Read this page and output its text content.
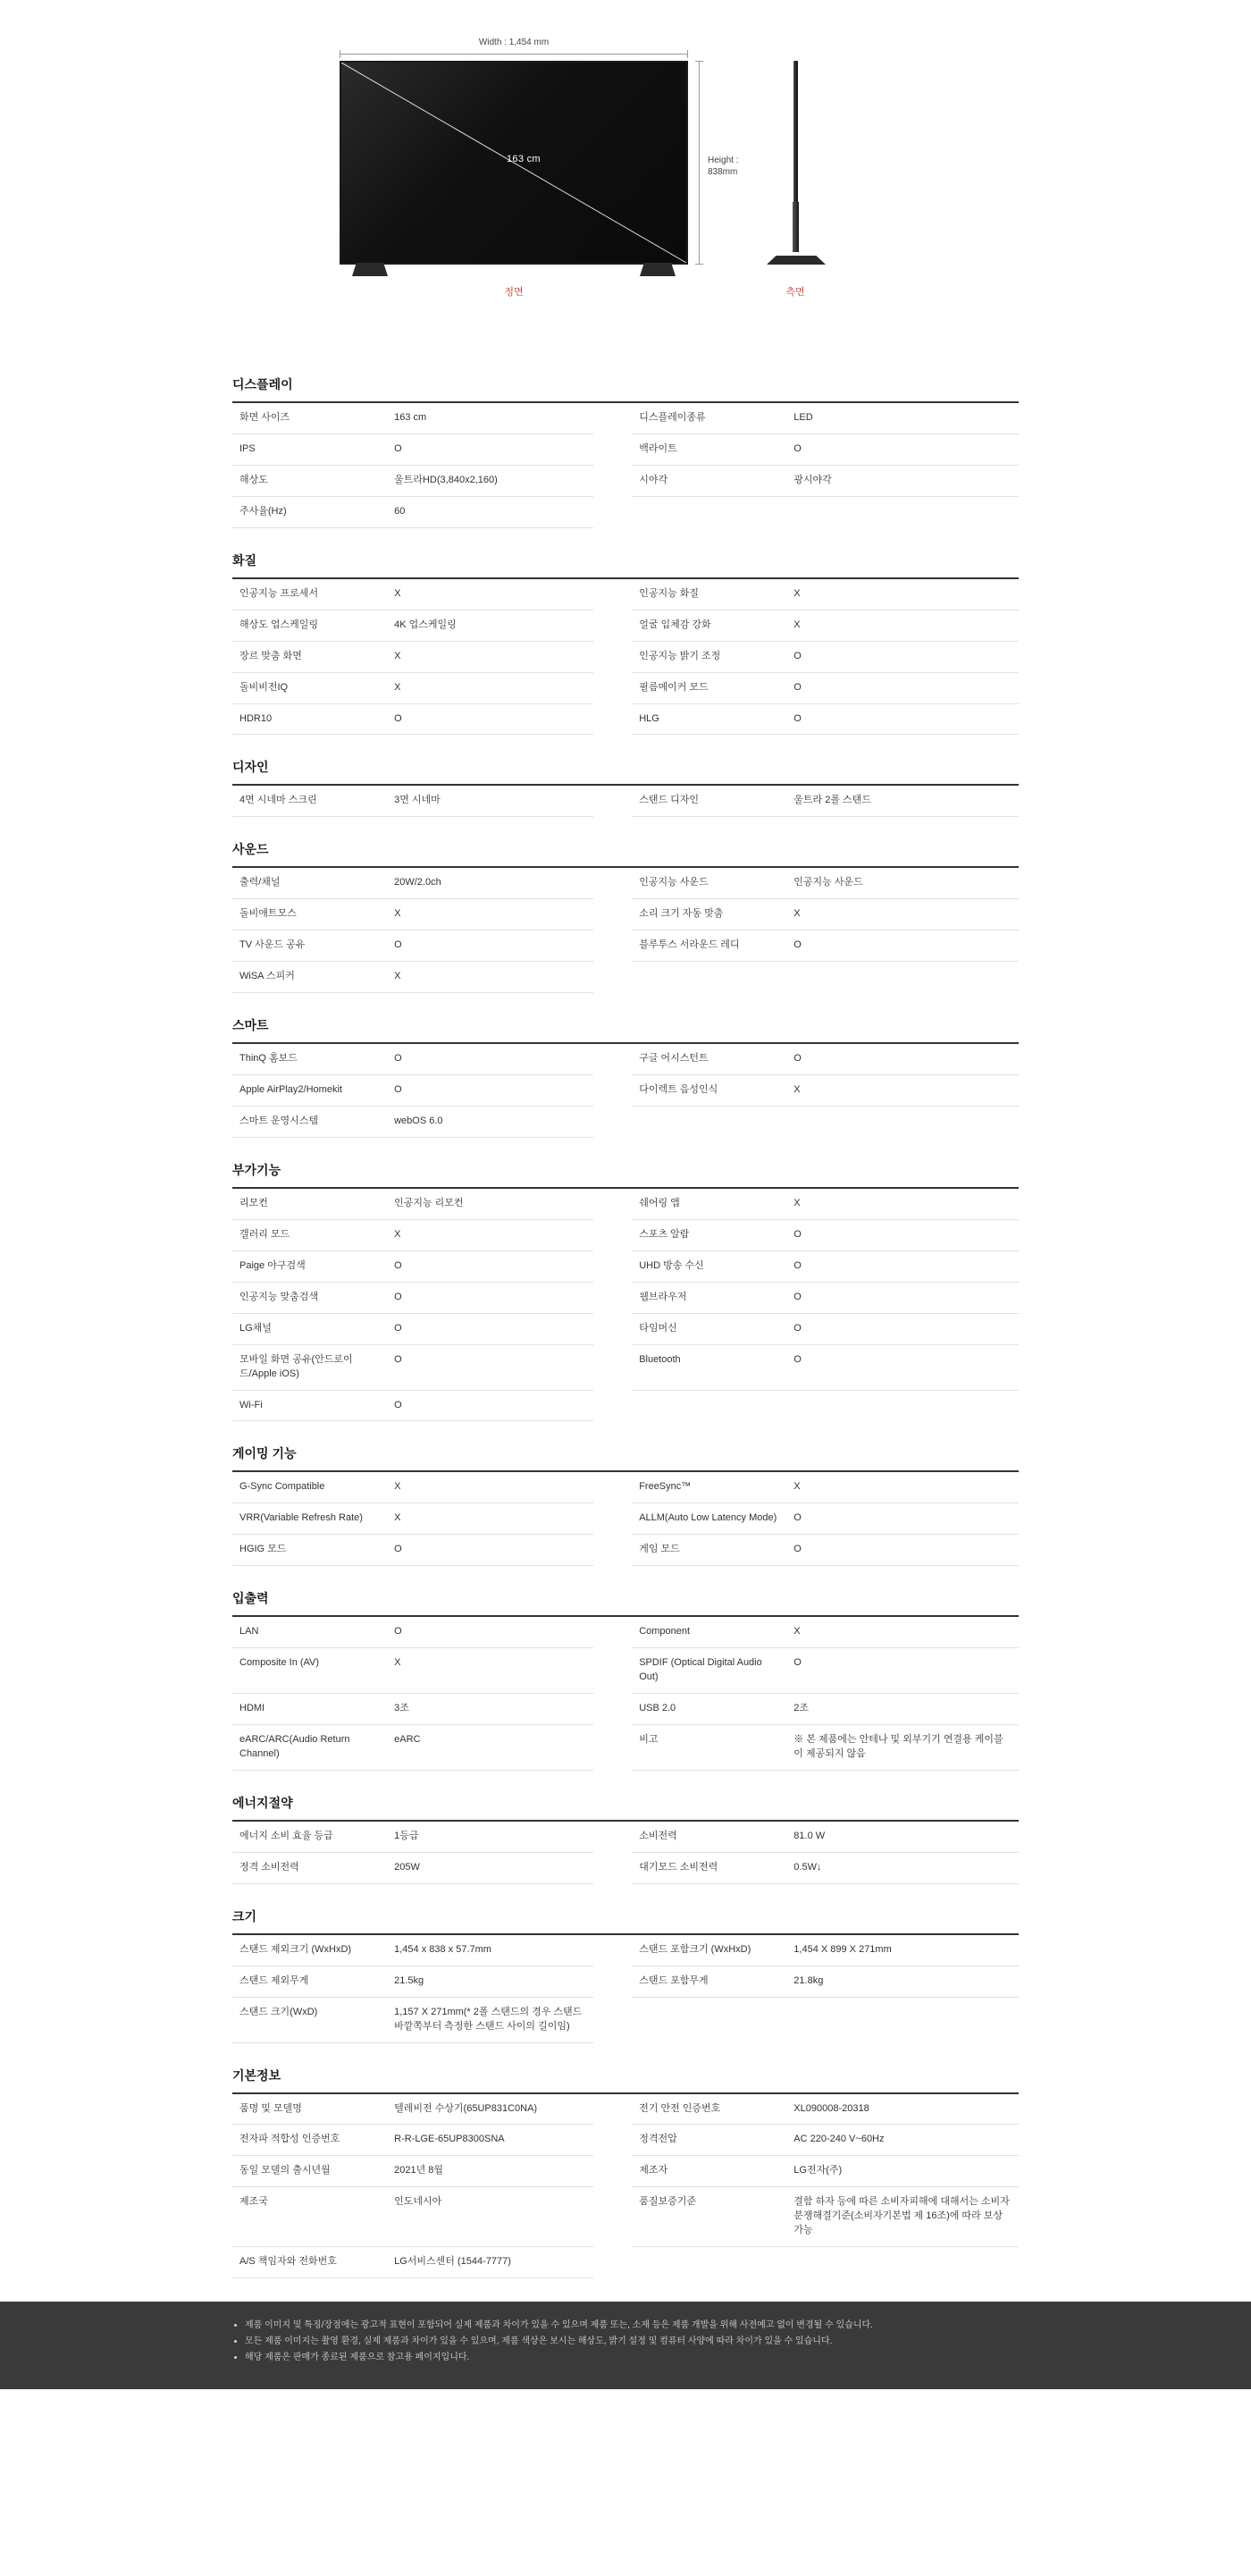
Width : 1,454 mm
163 cm	Height :
838mm
정면	측면
디스플레이
화면 사이즈	163 cm		디스플레이종류	LED
IPS	O		백라이트	O
해상도	울트라HD(3,840x2,160)		시야각	광시야각
주사율(Hz)	60			
화질
인공지능 프로세서	X		인공지능 화질	X
해상도 업스케일링	4K 업스케일링		얼굴 입체감 강화	X
장르 맞춤 화면	X		인공지능 밝기 조정	O
돌비비전IQ	X		필름메이커 모드	O
HDR10	O		HLG	O
디자인
4면 시네마 스크린	3면 시네마		스탠드 디자인	울트라 2폴 스탠드
사운드
출력/채널	20W/2.0ch		인공지능 사운드	인공지능 사운드
돌비애트모스	X		소리 크기 자동 맞춤	X
TV 사운드 공유	O		블루투스 서라운드 레디	O
WiSA 스피커	X			
스마트
ThinQ 홈보드	O		구글 어시스턴트	O
Apple AirPlay2/Homekit	O		다이렉트 음성인식	X
스마트 운영시스템	webOS 6.0			
부가기능
리모컨	인공지능 리모컨		쉐어링 앱	X
갤러리 모드	X		스포츠 알람	O
Paige 야구검색	O		UHD 방송 수신	O
인공지능 맞춤검색	O		웹브라우저	O
LG채널	O		타임머신	O
모바일 화면 공유(안드로이드/Apple iOS)	O		Bluetooth	O
Wi-Fi	O			
게이밍 기능
G-Sync Compatible	X		FreeSync™	X
VRR(Variable Refresh Rate)	X		ALLM(Auto Low Latency Mode)	O
HGIG 모드	O		게임 모드	O
입출력
LAN	O		Component	X
Composite In (AV)	X		SPDIF (Optical Digital Audio Out)	O
HDMI	3조		USB 2.0	2조
eARC/ARC(Audio Return Channel)	eARC		비고	※ 본 제품에는 안테나 및 외부기기 연결용 케이블이 제공되지 않음
에너지절약
에너지 소비 효율 등급	1등급		소비전력	81.0 W
정격 소비전력	205W		대기모드 소비전력	0.5W↓
크기
스탠드 제외크기 (WxHxD)	1,454 x 838 x 57.7mm		스탠드 포함크기 (WxHxD)	1,454 X 899 X 271mm
스탠드 제외무게	21.5kg		스탠드 포함무게	21.8kg
스탠드 크기(WxD)	1,157 X 271mm(* 2폴 스탠드의 경우 스탠드 바깥쪽부터 측정한 스탠드 사이의 길이임)			
기본정보
품명 및 모델명	텔레비전 수상기(65UP831C0NA)		전기 안전 인증번호	XL090008-20318
전자파 적합성 인증번호	R-R-LGE-65UP8300SNA		정격전압	AC 220-240 V~60Hz
동일 모델의 출시년월	2021년 8월		제조자	LG전자(주)
제조국	인도네시아		품질보증기준	결함 하자 등에 따른 소비자피해에 대해서는 소비자분쟁해결기준(소비자기본법 제 16조)에 따라 보상 가능
A/S 책임자와 전화번호	LG서비스센터 (1544-7777)			
• 제품 이미지 및 특징/장점에는 광고적 표현이 포함되어 실제 제품과 차이가 있을 수 있으며 제품 또는, 소재 등은 제품 개발을 위해 사전예고 없이 변경될 수 있습니다.
• 모든 제품 이미지는 촬영 환경, 실제 제품과 차이가 있을 수 있으며, 제품 색상은 보시는 해상도, 밝기 설정 및 컴퓨터 사양에 따라 차이가 있을 수 있습니다.
• 해당 제품은 판매가 종료된 제품으로 참고용 페이지입니다.
